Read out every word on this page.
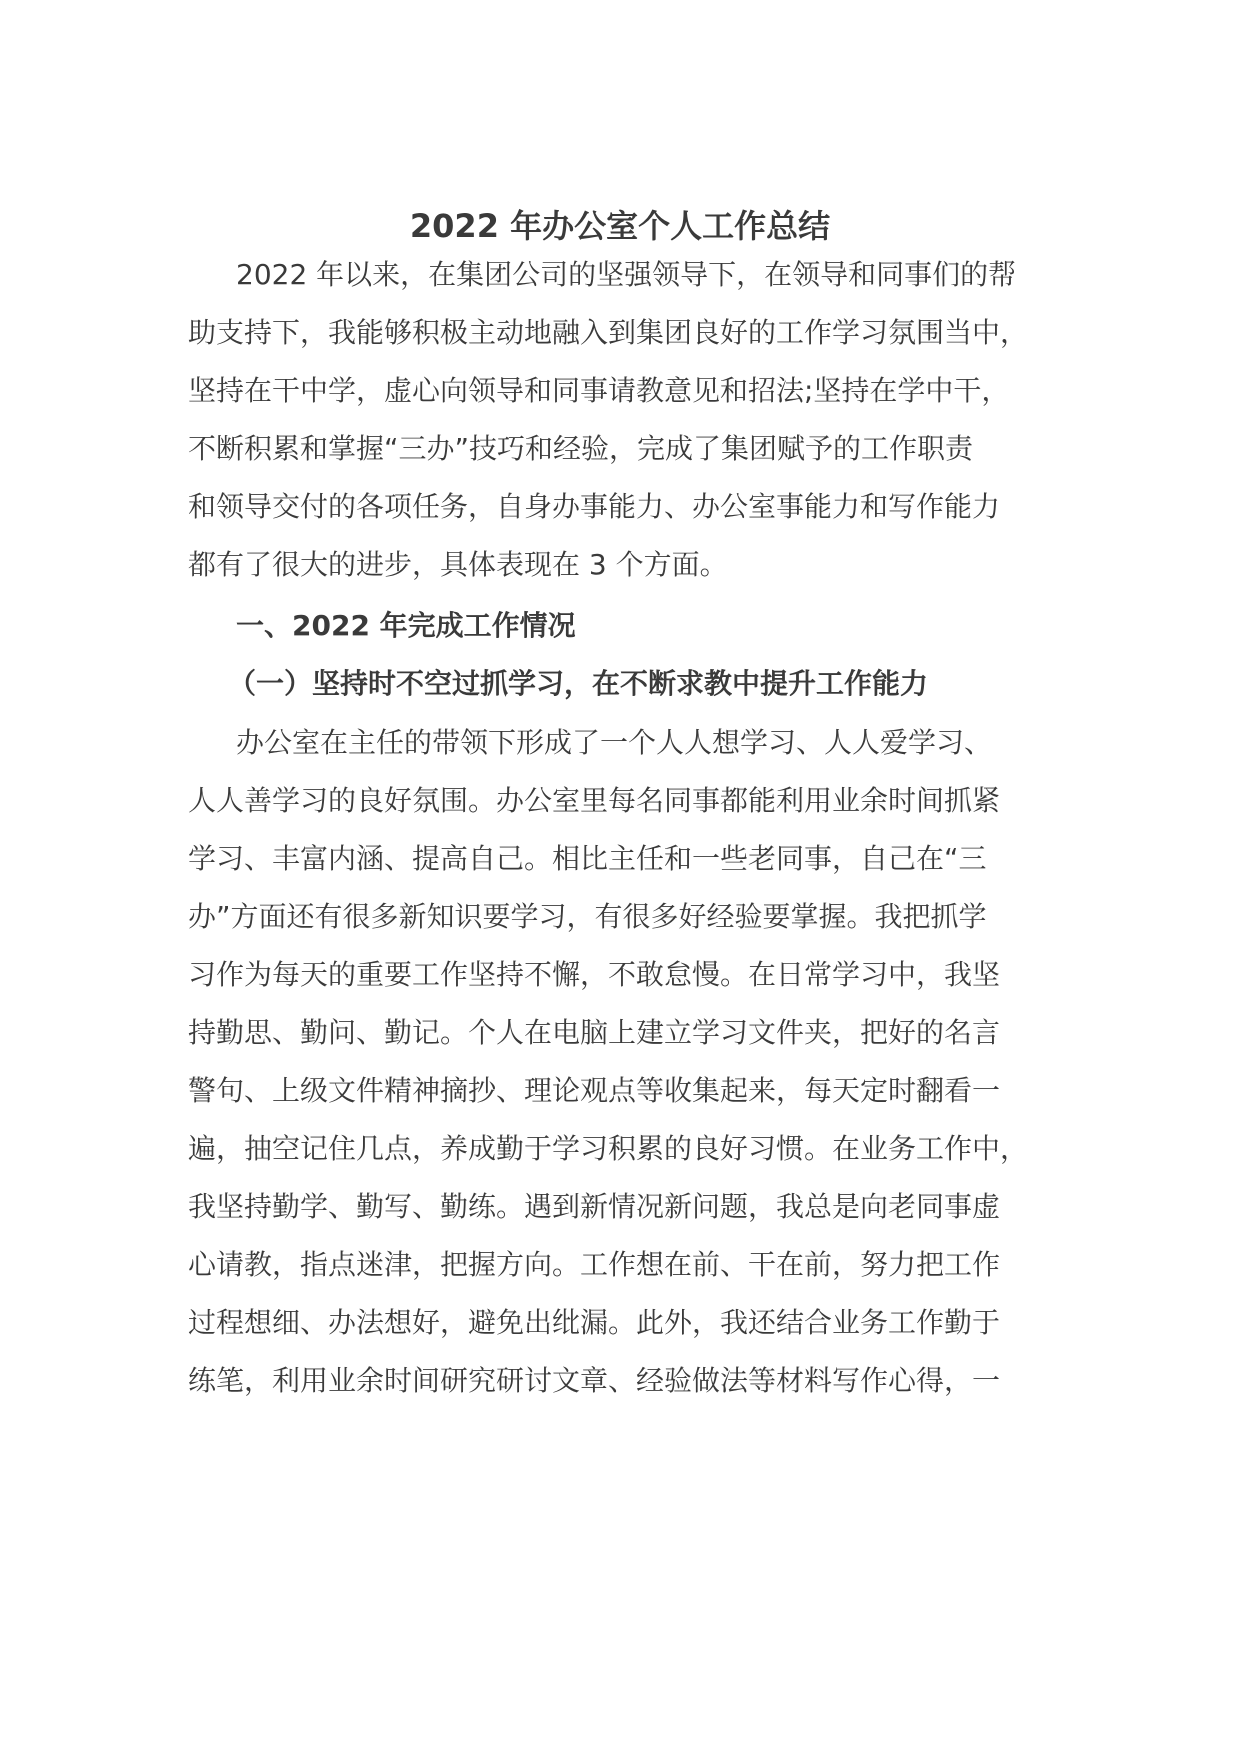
2022 年办公室个人工作总结
2022 年以来，在集团公司的坚强领导下，在领导和同事们的帮
助支持下，我能够积极主动地融入到集团良好的工作学习氛围当中，
坚持在干中学，虚心向领导和同事请教意见和招法;坚持在学中干，
不断积累和掌握“三办”技巧和经验，完成了集团赋予的工作职责
和领导交付的各项任务，自身办事能力、办公室事能力和写作能力
都有了很大的进步，具体表现在 3 个方面。
一、2022 年完成工作情况
（一）坚持时不空过抓学习，在不断求教中提升工作能力
办公室在主任的带领下形成了一个人人想学习、人人爱学习、
人人善学习的良好氛围。办公室里每名同事都能利用业余时间抓紧
学习、丰富内涵、提高自己。相比主任和一些老同事，自己在“三
办”方面还有很多新知识要学习，有很多好经验要掌握。我把抓学
习作为每天的重要工作坚持不懈，不敢怠慢。在日常学习中，我坚
持勤思、勤问、勤记。个人在电脑上建立学习文件夹，把好的名言
警句、上级文件精神摘抄、理论观点等收集起来，每天定时翻看一
遍，抽空记住几点，养成勤于学习积累的良好习惯。在业务工作中，
我坚持勤学、勤写、勤练。遇到新情况新问题，我总是向老同事虚
心请教，指点迷津，把握方向。工作想在前、干在前，努力把工作
过程想细、办法想好，避免出纰漏。此外，我还结合业务工作勤于
练笔，利用业余时间研究研讨文章、经验做法等材料写作心得，一
